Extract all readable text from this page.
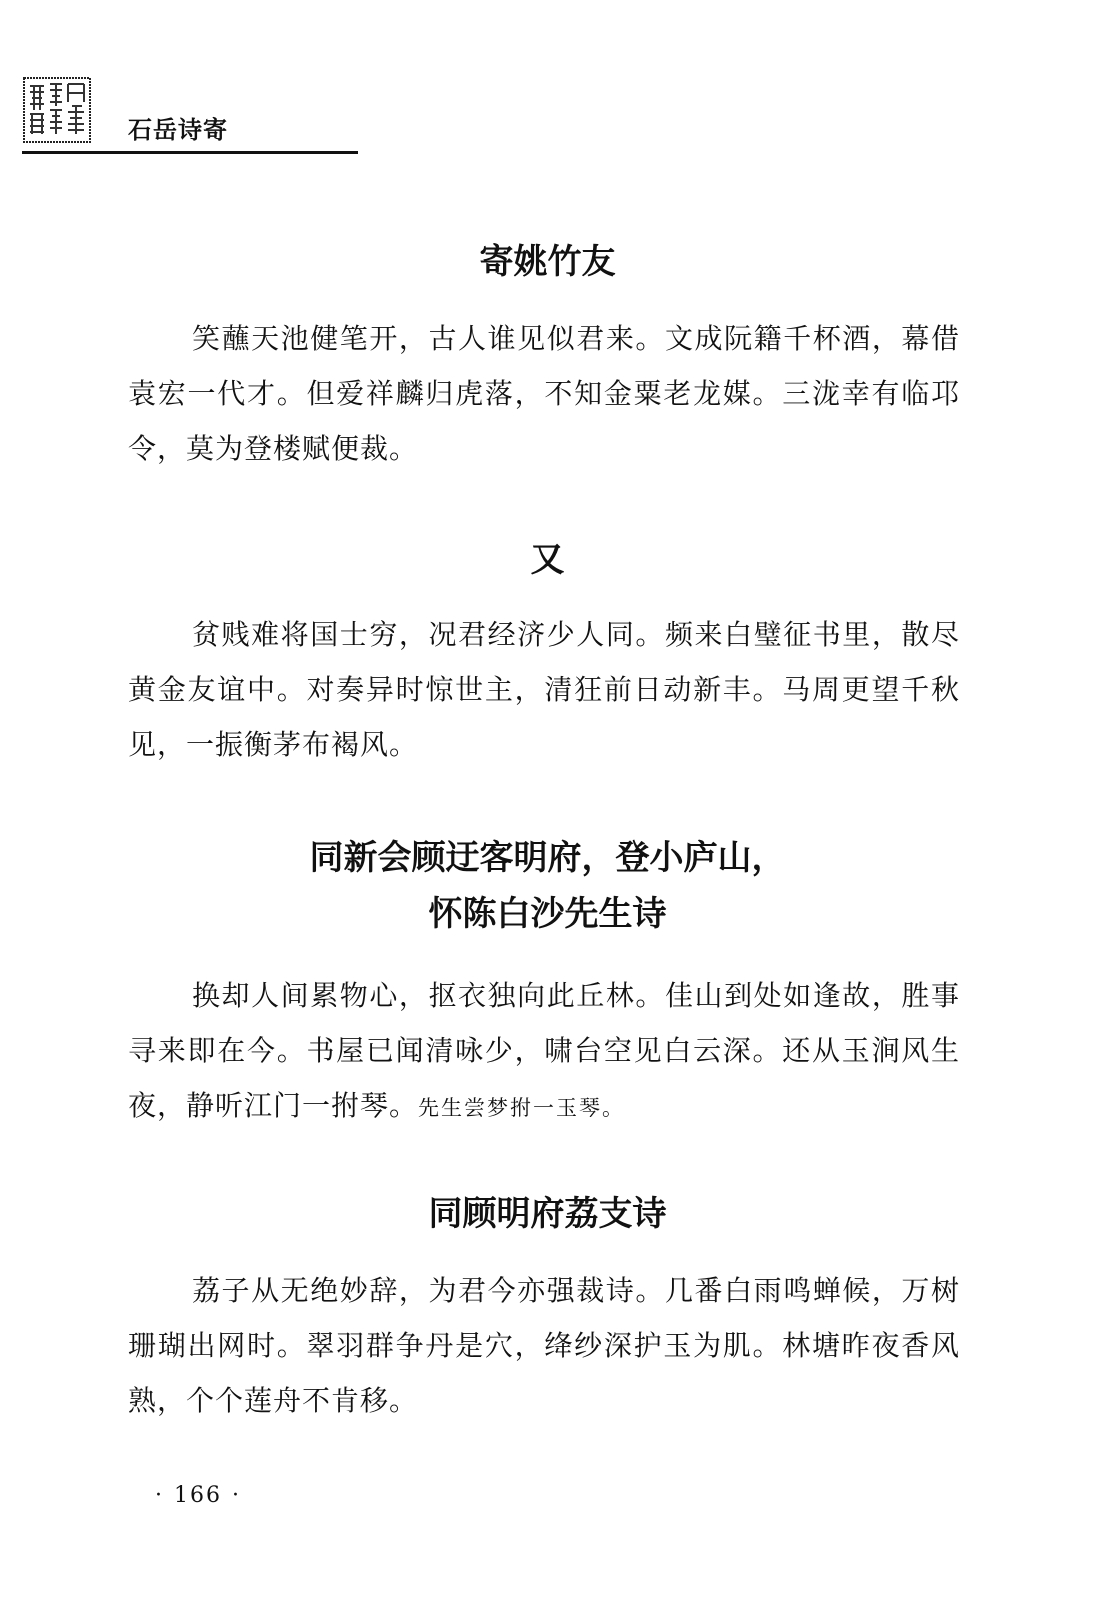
石岳诗寄
寄姚竹友
笑蘸天池健笔开，古人谁见似君来。文成阮籍千杯酒，幕借袁宏一代才。但爱祥麟归虎落，不知金粟老龙媒。三泷幸有临邛令，莫为登楼赋便裁。
又
贫贱难将国士穷，况君经济少人同。频来白璧征书里，散尽黄金友谊中。对奏异时惊世主，清狂前日动新丰。马周更望千秋见，一振衡茅布褐风。
同新会顾迂客明府，登小庐山，
怀陈白沙先生诗
换却人间累物心，抠衣独向此丘林。佳山到处如逢故，胜事寻来即在今。书屋已闻清咏少，啸台空见白云深。还从玉涧风生夜，静听江门一拊琴。先生尝梦拊一玉琴。
同顾明府荔支诗
荔子从无绝妙辞，为君今亦强裁诗。几番白雨鸣蝉候，万树珊瑚出网时。翠羽群争丹是穴，绛纱深护玉为肌。林塘昨夜香风熟，个个莲舟不肯移。
· 166 ·
